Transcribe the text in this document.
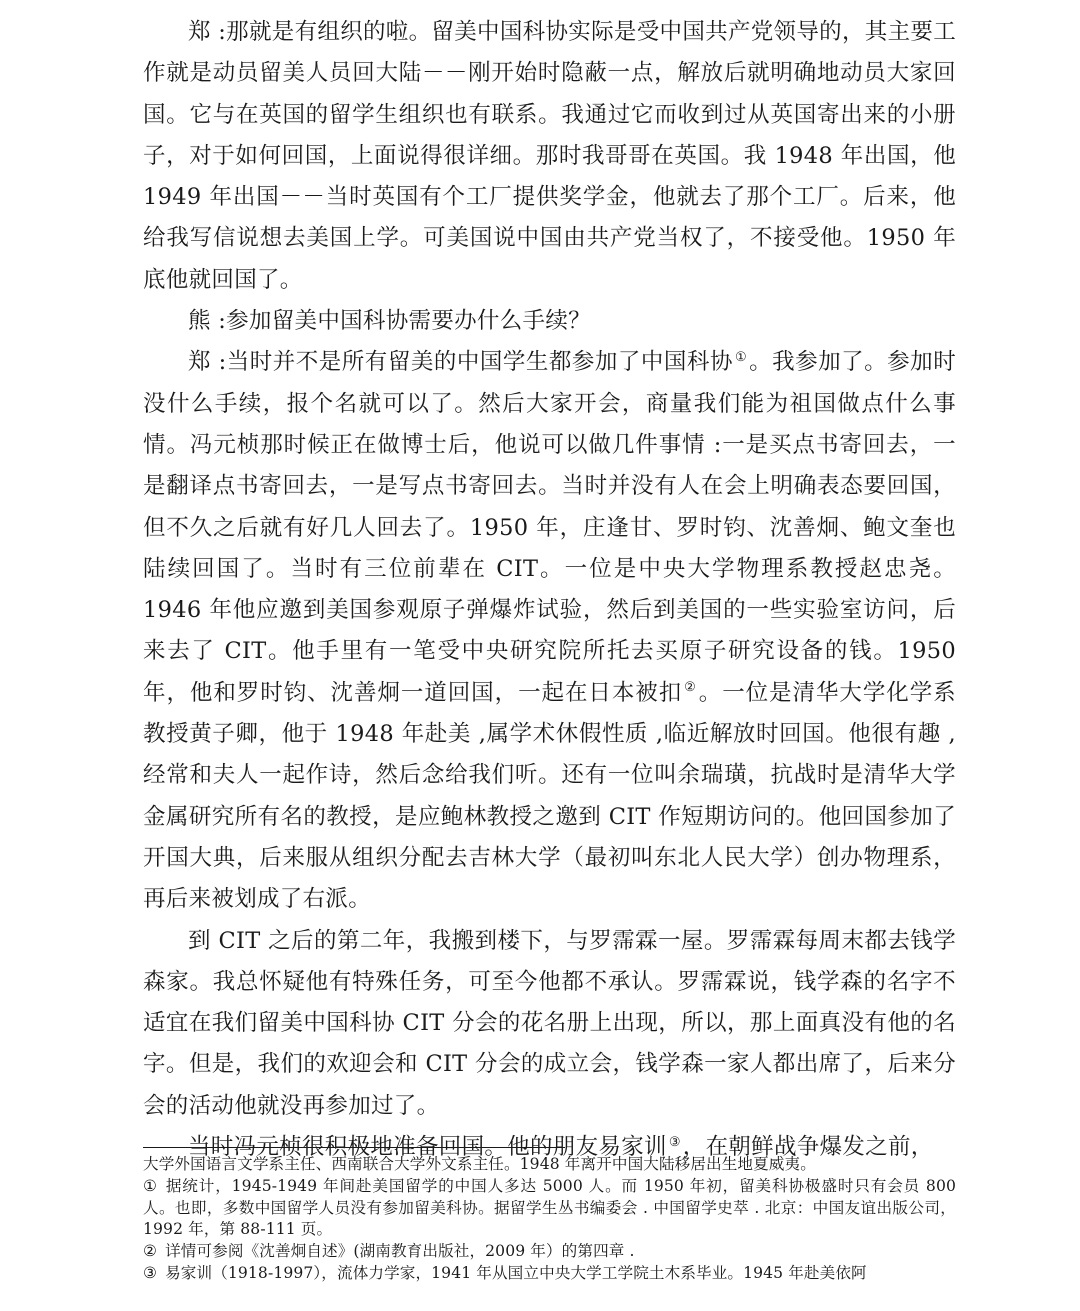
郑 :那就是有组织的啦。留美中国科协实际是受中国共产党领导的，其主要工作就是动员留美人员回大陆－－刚开始时隐蔽一点，解放后就明确地动员大家回国。它与在英国的留学生组织也有联系。我通过它而收到过从英国寄出来的小册子，对于如何回国，上面说得很详细。那时我哥哥在英国。我 1948 年出国，他 1949 年出国－－当时英国有个工厂提供奖学金，他就去了那个工厂。后来，他给我写信说想去美国上学。可美国说中国由共产党当权了，不接受他。1950 年底他就回国了。

熊 :参加留美中国科协需要办什么手续？

郑 :当时并不是所有留美的中国学生都参加了中国科协 ①。我参加了。参加时没什么手续，报个名就可以了。然后大家开会，商量我们能为祖国做点什么事情。冯元桢那时候正在做博士后，他说可以做几件事情 :一是买点书寄回去，一是翻译点书寄回去，一是写点书寄回去。当时并没有人在会上明确表态要回国，但不久之后就有好几人回去了。1950 年，庄逢甘、罗时钧、沈善炯、鲍文奎也陆续回国了。当时有三位前辈在 CIT。一位是中央大学物理系教授赵忠尧。1946 年他应邀到美国参观原子弹爆炸试验，然后到美国的一些实验室访问，后来去了 CIT。他手里有一笔受中央研究院所托去买原子研究设备的钱。1950 年，他和罗时钧、沈善炯一道回国，一起在日本被扣 ②。一位是清华大学化学系教授黄子卿，他于 1948 年赴美 ,属学术休假性质 ,临近解放时回国。他很有趣 ,经常和夫人一起作诗，然后念给我们听。还有一位叫余瑞璜，抗战时是清华大学金属研究所有名的教授，是应鲍林教授之邀到 CIT 作短期访问的。他回国参加了开国大典，后来服从组织分配去吉林大学（最初叫东北人民大学）创办物理系，再后来被划成了右派。

到 CIT 之后的第二年，我搬到楼下，与罗霈霖一屋。罗霈霖每周末都去钱学森家。我总怀疑他有特殊任务，可至今他都不承认。罗霈霖说，钱学森的名字不适宜在我们留美中国科协 CIT 分会的花名册上出现，所以，那上面真没有他的名字。但是，我们的欢迎会和 CIT 分会的成立会，钱学森一家人都出席了，后来分会的活动他就没再参加过了。

当时冯元桢很积极地准备回国。他的朋友易家训 ③，在朝鲜战争爆发之前，

大学外国语言文学系主任、西南联合大学外文系主任。1948 年离开中国大陆移居出生地夏威夷。

① 据统计，1945-1949 年间赴美国留学的中国人多达 5000 人。而 1950 年初，留美科协极盛时只有会员 800 人。也即，多数中国留学人员没有参加留美科协。据留学生丛书编委会 . 中国留学史萃 . 北京：中国友谊出版公司，1992 年，第 88-111 页。

② 详情可参阅《沈善炯自述》(湖南教育出版社，2009 年）的第四章 .

③ 易家训（1918-1997），流体力学家，1941 年从国立中央大学工学院土木系毕业。1945 年赴美依阿
